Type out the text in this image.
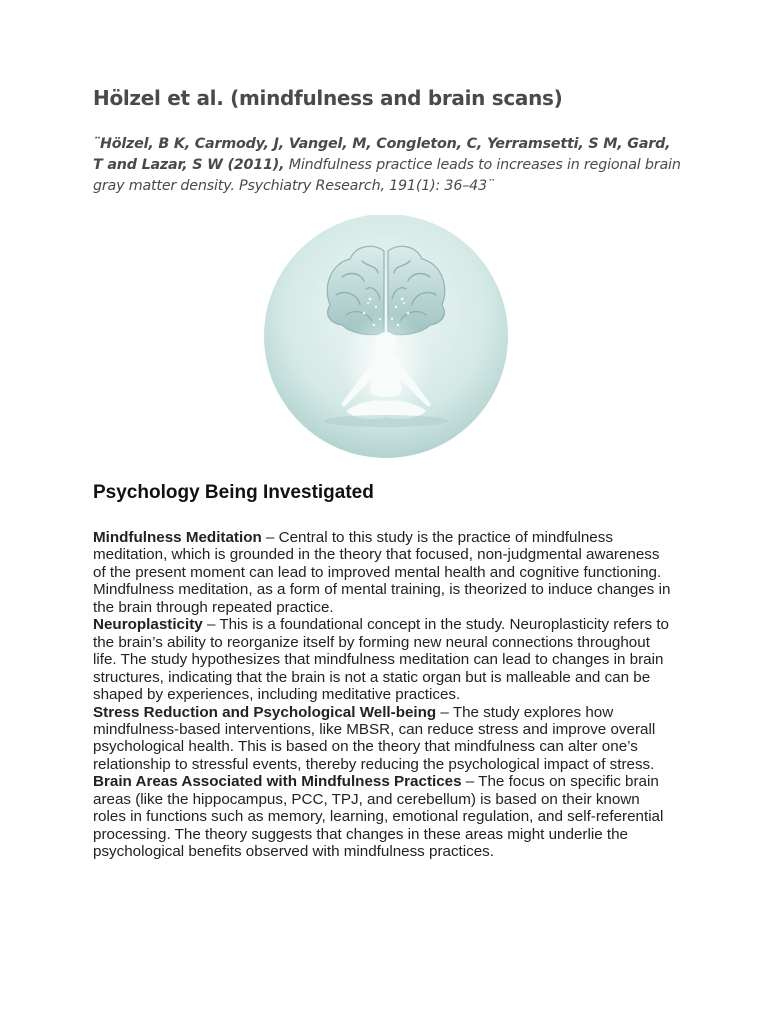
Hölzel et al. (mindfulness and brain scans)
¨Hölzel, B K, Carmody, J, Vangel, M, Congleton, C, Yerramsetti, S M, Gard, T and Lazar, S W (2011), Mindfulness practice leads to increases in regional brain gray matter density. Psychiatry Research, 191(1): 36–43¨
Psychology Being Investigated

Mindfulness Meditation – Central to this study is the practice of mindfulness meditation, which is grounded in the theory that focused, non-judgmental awareness of the present moment can lead to improved mental health and cognitive functioning. Mindfulness meditation, as a form of mental training, is theorized to induce changes in the brain through repeated practice.

Neuroplasticity – This is a foundational concept in the study. Neuroplasticity refers to the brain’s ability to reorganize itself by forming new neural connections throughout life. The study hypothesizes that mindfulness meditation can lead to changes in brain structures, indicating that the brain is not a static organ but is malleable and can be shaped by experiences, including meditative practices.

Stress Reduction and Psychological Well-being – The study explores how mindfulness-based interventions, like MBSR, can reduce stress and improve overall psychological health. This is based on the theory that mindfulness can alter one’s relationship to stressful events, thereby reducing the psychological impact of stress.

Brain Areas Associated with Mindfulness Practices – The focus on specific brain areas (like the hippocampus, PCC, TPJ, and cerebellum) is based on their known roles in functions such as memory, learning, emotional regulation, and self-referential processing. The theory suggests that changes in these areas might underlie the psychological benefits observed with mindfulness practices.
